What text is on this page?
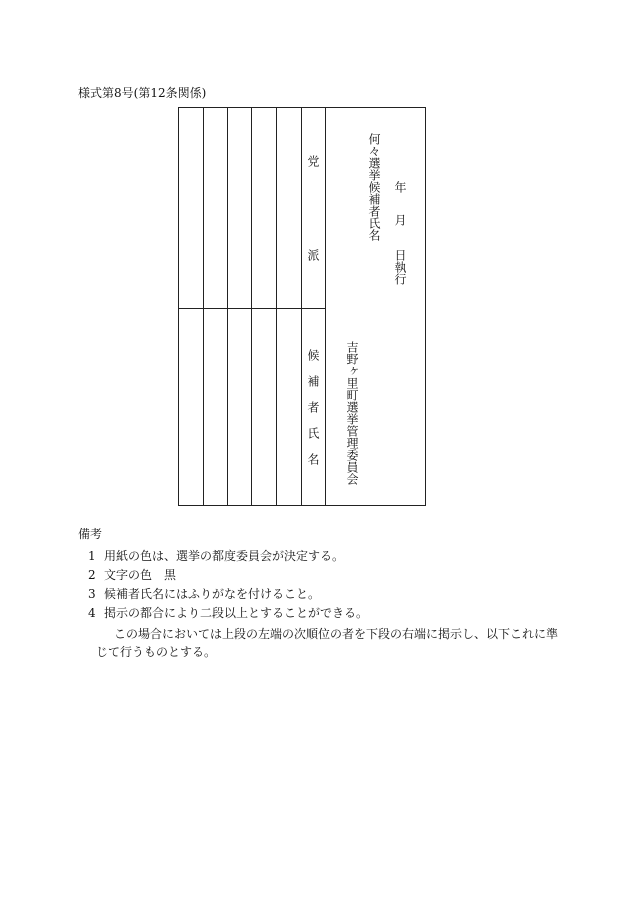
様式第8号(第12条関係)
党
派
候補者氏名
何々選挙候補者氏名 年
月
日執行
吉野ヶ里町選挙管理委員会
備考
1 用紙の色は、選挙の都度委員会が決定する。
2 文字の色　黒
3 候補者氏名にはふりがなを付けること。
4 掲示の都合により二段以上とすることができる。
この場合においては上段の左端の次順位の者を下段の右端に掲示し、以下これに準
じて行うものとする。
